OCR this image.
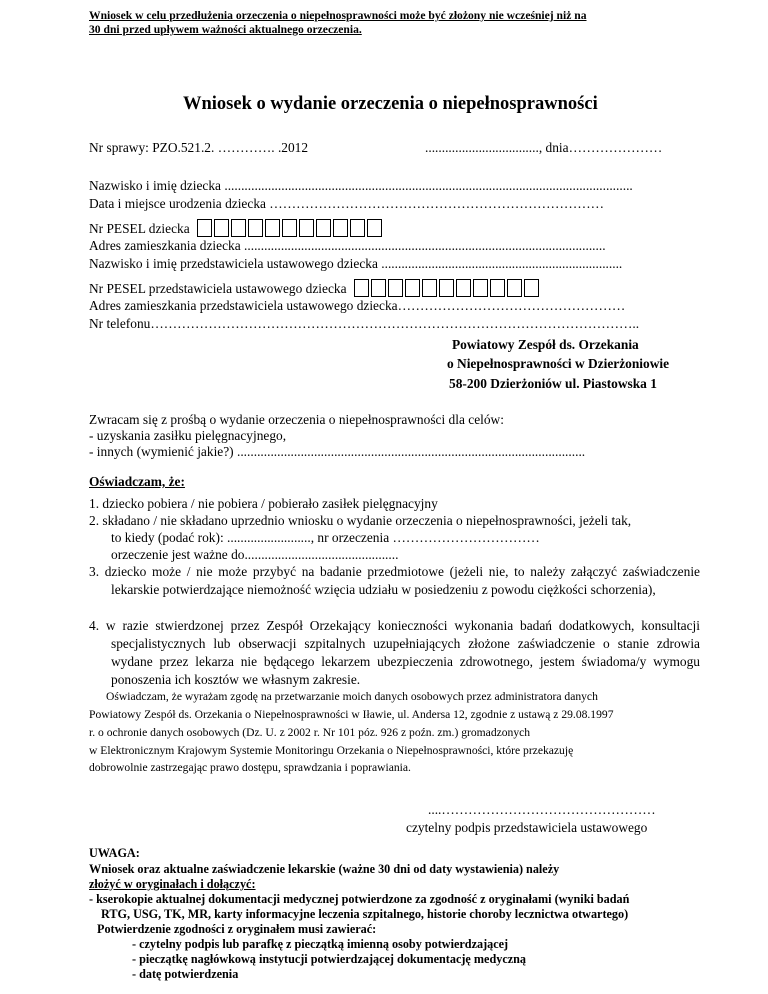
Wniosek w celu przedłużenia orzeczenia o niepełnosprawności może być złożony nie wcześniej niż na
30 dni przed upływem ważności aktualnego orzeczenia.
Wniosek o wydanie orzeczenia o niepełnosprawności
Nr sprawy: PZO.521.2. …………. .2012	.................................., dnia…………………
Nazwisko i imię dziecka ..........................................................................................................................
Data i miejsce urodzenia dziecka …………………………………………………………………
Nr PESEL dziecka
Adres zamieszkania dziecka ............................................................................................................
Nazwisko i imię przedstawiciela ustawowego dziecka ........................................................................
Nr PESEL przedstawiciela ustawowego dziecka
Adres zamieszkania przedstawiciela ustawowego dziecka……………………………………………
Nr telefonu………………………………………………………………………………………………..
Powiatowy Zespół ds. Orzekania
o Niepełnosprawności w Dzierżoniowie
58-200 Dzierżoniów ul. Piastowska 1
Zwracam się z prośbą o wydanie orzeczenia o niepełnosprawności dla celów:
- uzyskania zasiłku pielęgnacyjnego,
- innych (wymienić jakie?) ........................................................................................................
Oświadczam, że:
1. dziecko pobiera / nie pobiera / pobierało zasiłek pielęgnacyjny
2. składano / nie składano uprzednio wniosku o wydanie orzeczenia o niepełnosprawności, jeżeli tak,
to kiedy (podać rok): ........................., nr orzeczenia ……………………………
orzeczenie jest ważne do..............................................
3. dziecko może / nie może przybyć na badanie przedmiotowe (jeżeli nie, to należy załączyć zaświadczenie lekarskie potwierdzające niemożność wzięcia udziału w posiedzeniu z powodu ciężkości schorzenia),
4. w razie stwierdzonej przez Zespół Orzekający konieczności wykonania badań dodatkowych, konsultacji specjalistycznych lub obserwacji szpitalnych uzupełniających złożone zaświadczenie o stanie zdrowia wydane przez lekarza nie będącego lekarzem ubezpieczenia zdrowotnego, jestem świadoma/y wymogu ponoszenia ich kosztów we własnym zakresie.
Oświadczam, że wyrażam zgodę na przetwarzanie moich danych osobowych przez administratora danych
Powiatowy Zespół ds. Orzekania o Niepełnosprawności w Iławie, ul. Andersa 12, zgodnie z ustawą z 29.08.1997
r. o ochronie danych osobowych (Dz. U. z 2002 r. Nr 101 póz. 926 z poźn. zm.) gromadzonych
w Elektronicznym Krajowym Systemie Monitoringu Orzekania o Niepełnosprawności, które przekazuję
dobrowolnie zastrzegając prawo dostępu, sprawdzania i poprawiania.
....…………………………………………
czytelny podpis przedstawiciela ustawowego
UWAGA:
Wniosek oraz aktualne zaświadczenie lekarskie (ważne 30 dni od daty wystawienia) należy
złożyć w oryginałach i dołączyć:
- kserokopie aktualnej dokumentacji medycznej potwierdzone za zgodność z oryginałami (wyniki badań
RTG, USG, TK, MR, karty informacyjne leczenia szpitalnego, historie choroby lecznictwa otwartego)
Potwierdzenie zgodności z oryginałem musi zawierać:
- czytelny podpis lub parafkę z pieczątką imienną osoby potwierdzającej
- pieczątkę nagłówkową instytucji potwierdzającej dokumentację medyczną
- datę potwierdzenia
